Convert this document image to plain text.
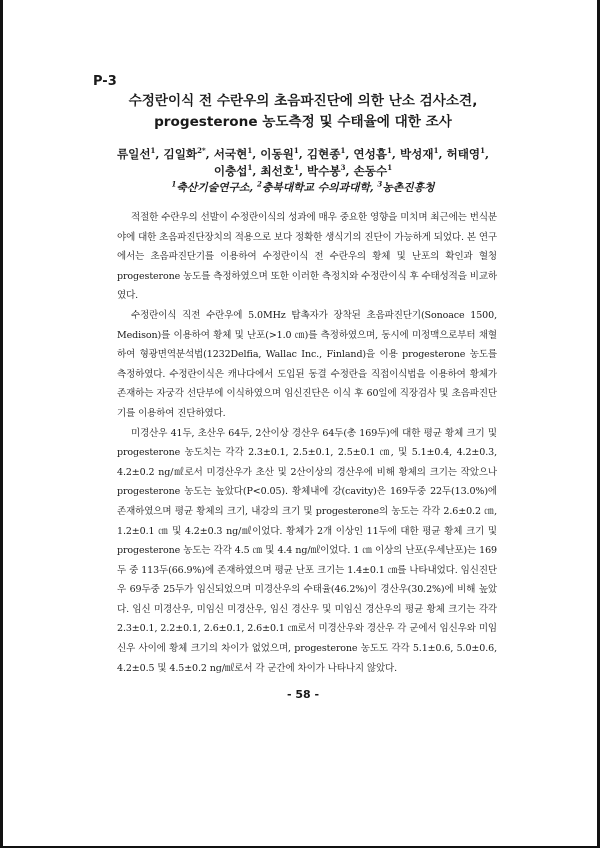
P-3
수정란이식 전 수란우의 초음파진단에 의한 난소 검사소견,
progesterone 농도측정 및 수태율에 대한 조사
류일선$^1$, 김일화$^{2*}$, 서국현$^1$, 이동원$^1$, 김현종$^1$, 연성흠$^1$, 박성재$^1$, 허태영$^1$,
이충섭$^1$, 최선호$^1$, 박수봉$^3$, 손동수$^1$
$^1$축산기술연구소, $^2$충북대학교 수의과대학, $^3$농촌진흥청

적절한 수란우의 선발이 수정란이식의 성과에 매우 중요한 영향을 미치며 최근에는 번식분야에 대한 초음파진단장치의 적용으로 보다 정확한 생식기의 진단이 가능하게 되었다. 본 연구에서는 초음파진단기를 이용하여 수정란이식 전 수란우의 황체 및 난포의 확인과 혈청 progesterone 농도를 측정하였으며 또한 이러한 측정치와 수정란이식 후 수태성적을 비교하였다.

수정란이식 직전 수란우에 5.0MHz 탐촉자가 장착된 초음파진단기(Sonoace 1500, Medison)를 이용하여 황체 및 난포(>1.0 ㎝)를 측정하였으며, 동시에 미정맥으로부터 채혈하여 형광면역분석법(1232Delfia, Wallac Inc., Finland)을 이용 progesterone 농도를 측정하였다. 수정란이식은 캐나다에서 도입된 동결 수정란을 직접이식법을 이용하여 황체가 존재하는 자궁각 선단부에 이식하였으며 임신진단은 이식 후 60일에 직장검사 및 초음파진단기를 이용하여 진단하였다.

미경산우 41두, 초산우 64두, 2산이상 경산우 64두(총 169두)에 대한 평균 황체 크기 및 progesterone 농도치는 각각 2.3±0.1, 2.5±0.1, 2.5±0.1 ㎝, 및 5.1±0.4, 4.2±0.3, 4.2±0.2 ng/㎖로서 미경산우가 초산 및 2산이상의 경산우에 비해 황체의 크기는 작았으나 progesterone 농도는 높았다(P<0.05). 황체내에 강(cavity)은 169두중 22두(13.0%)에 존재하였으며 평균 황체의 크기, 내강의 크기 및 progesterone의 농도는 각각 2.6±0.2 ㎝, 1.2±0.1 ㎝ 및 4.2±0.3 ng/㎖이었다. 황체가 2개 이상인 11두에 대한 평균 황체 크기 및 progesterone 농도는 각각 4.5 ㎝ 및 4.4 ng/㎖이었다. 1 ㎝ 이상의 난포(우세난포)는 169두 중 113두(66.9%)에 존재하였으며 평균 난포 크기는 1.4±0.1 ㎝를 나타내었다. 임신진단우 69두중 25두가 임신되었으며 미경산우의 수태율(46.2%)이 경산우(30.2%)에 비해 높았다. 임신 미경산우, 미임신 미경산우, 임신 경산우 및 미임신 경산우의 평균 황체 크기는 각각 2.3±0.1, 2.2±0.1, 2.6±0.1, 2.6±0.1 ㎝로서 미경산우와 경산우 각 군에서 임신우와 미임신우 사이에 황체 크기의 차이가 없었으며, progesterone 농도도 각각 5.1±0.6, 5.0±0.6, 4.2±0.5 및 4.5±0.2 ng/㎖로서 각 군간에 차이가 나타나지 않았다.

- 58 -
